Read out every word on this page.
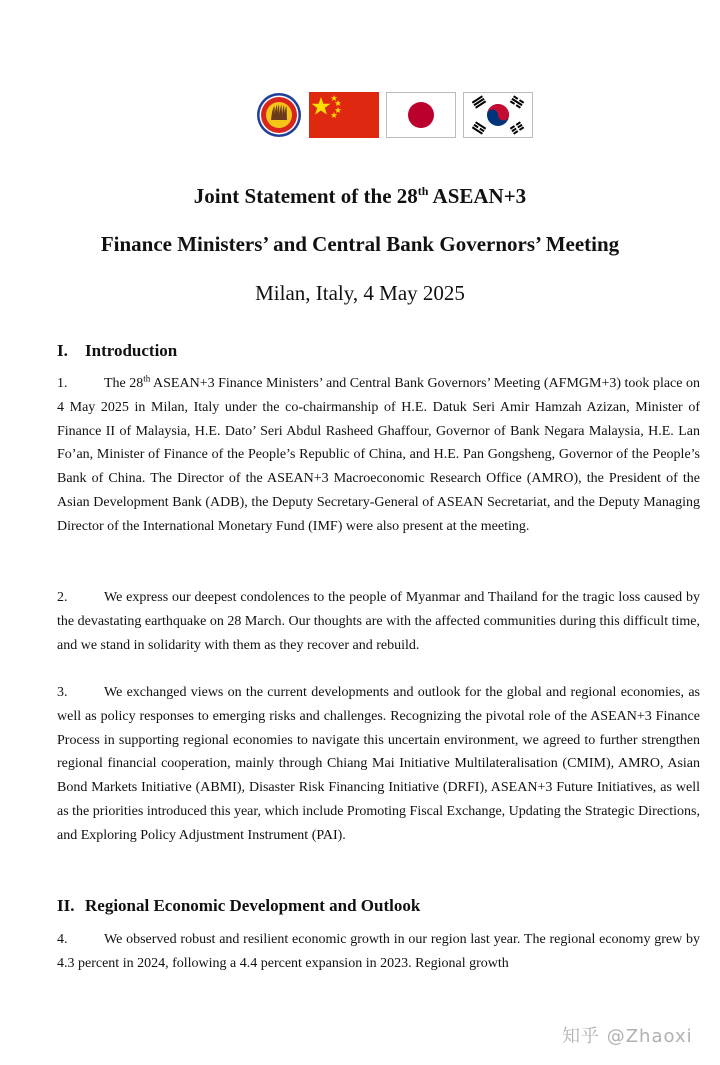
Joint Statement of the 28th ASEAN+3
Finance Ministers’ and Central Bank Governors’ Meeting
Milan, Italy, 4 May 2025
I. Introduction

1.	The 28th ASEAN+3 Finance Ministers’ and Central Bank Governors’ Meeting (AFMGM+3) took place on 4 May 2025 in Milan, Italy under the co-chairmanship of H.E. Datuk Seri Amir Hamzah Azizan, Minister of Finance II of Malaysia, H.E. Dato’ Seri Abdul Rasheed Ghaffour, Governor of Bank Negara Malaysia, H.E. Lan Fo’an, Minister of Finance of the People’s Republic of China, and H.E. Pan Gongsheng, Governor of the People’s Bank of China. The Director of the ASEAN+3 Macroeconomic Research Office (AMRO), the President of the Asian Development Bank (ADB), the Deputy Secretary-General of ASEAN Secretariat, and the Deputy Managing Director of the International Monetary Fund (IMF) were also present at the meeting.

2.	We express our deepest condolences to the people of Myanmar and Thailand for the tragic loss caused by the devastating earthquake on 28 March. Our thoughts are with the affected communities during this difficult time, and we stand in solidarity with them as they recover and rebuild.

3.	We exchanged views on the current developments and outlook for the global and regional economies, as well as policy responses to emerging risks and challenges. Recognizing the pivotal role of the ASEAN+3 Finance Process in supporting regional economies to navigate this uncertain environment, we agreed to further strengthen regional financial cooperation, mainly through Chiang Mai Initiative Multilateralisation (CMIM), AMRO, Asian Bond Markets Initiative (ABMI), Disaster Risk Financing Initiative (DRFI), ASEAN+3 Future Initiatives, as well as the priorities introduced this year, which include Promoting Fiscal Exchange, Updating the Strategic Directions, and Exploring Policy Adjustment Instrument (PAI).

II. Regional Economic Development and Outlook

4.	We observed robust and resilient economic growth in our region last year. The regional economy grew by 4.3 percent in 2024, following a 4.4 percent expansion in 2023. Regional growth

知乎 @Zhaoxi
